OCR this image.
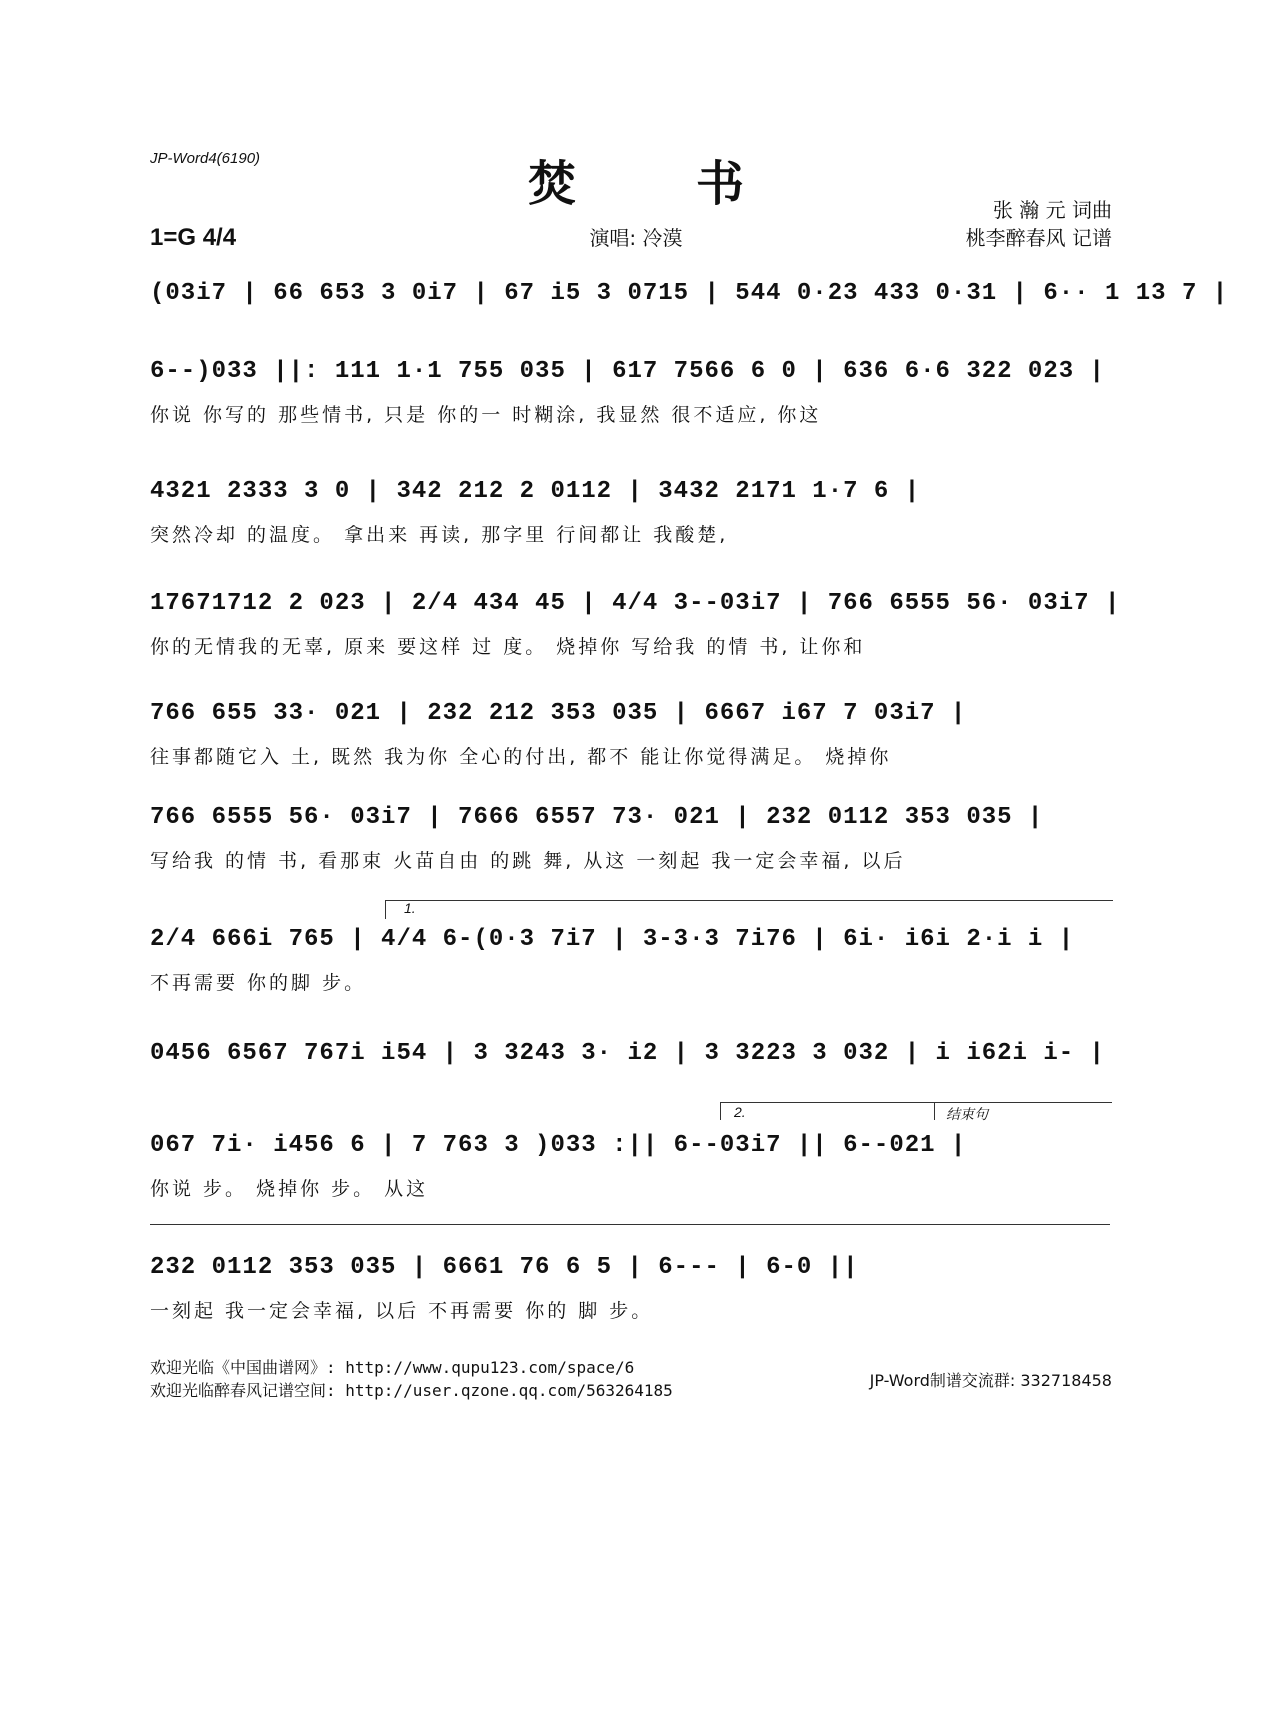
JP-Word4(6190)	焚书	张 瀚 元 词曲
桃李醉春风 记谱
1=G 4/4	演唱: 冷漠
(03i7 | 66 653 3 0i7 | 67 i5 3 0715 | 544 0·23 433 0·31 | 6·· 1 13 7 |
6--)033 ||: 111 1·1 755 035 | 617 7566 6 0 | 636 6·6 322 023 |
你说 你写的 那些情书, 只是 你的一 时糊涂, 我显然 很不适应, 你这
4321 2333 3 0 | 342 212 2 0112 | 3432 2171 1·7 6 |
突然冷却 的温度。 拿出来 再读, 那字里 行间都让 我酸楚,
17671712 2 023 | 2/4 434 45 | 4/4 3--03i7 | 766 6555 56· 03i7 |
你的无情我的无辜, 原来 要这样 过 度。 烧掉你 写给我 的情 书, 让你和
766 655 33· 021 | 232 212 353 035 | 6667 i67 7 03i7 |
往事都随它入 土, 既然 我为你 全心的付出, 都不 能让你觉得满足。 烧掉你
766 6555 56· 03i7 | 7666 6557 73· 021 | 232 0112 353 035 |
写给我 的情 书, 看那束 火苗自由 的跳 舞, 从这 一刻起 我一定会幸福, 以后
1.
2/4 666i 765 | 4/4 6-(0·3 7i7 | 3-3·3 7i76 | 6i· i6i 2·i i |
不再需要 你的脚 步。
0456 6567 767i i54 | 3 3243 3· i2 | 3 3223 3 032 | i i62i i- |
2.	结束句
067 7i· i456 6 | 7 763 3 )033 :|| 6--03i7 || 6--021 |
你说 步。 烧掉你 步。 从这
232 0112 353 035 | 6661 76 6 5 | 6--- | 6-0 ||
一刻起 我一定会幸福, 以后 不再需要 你的 脚 步。
欢迎光临《中国曲谱网》: http://www.qupu123.com/space/6
欢迎光临醉春风记谱空间: http://user.qzone.qq.com/563264185
JP-Word制谱交流群: 332718458
